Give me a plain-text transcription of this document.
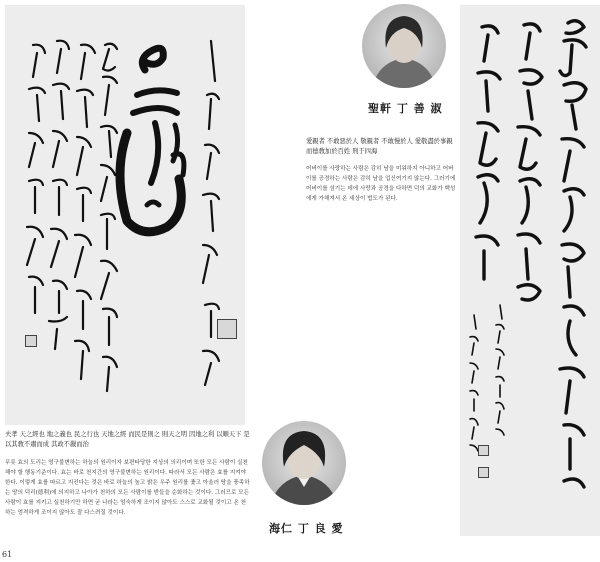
聖軒 丁 善 淑
愛親者 不敢惡於人 敬親者 不敢慢於人 愛敬盡於事親 而德敎加於百姓 刑于四海
어버이를 사랑하는 사람은 감히 남을 미워하지 아니하고 어버이를 공경하는 사람은 감히 남을 업신여기지 않는다. 그러기에 어버이를 섬기는 데에 사랑과 공경을 다하면 덕의 교화가 백성에게 가해져서 온 세상이 법도가 된다.
海仁 丁 良 愛
夫孝 天之經也 地之義也 民之行也 天地之經 而民是則之 則天之明 因地之利 以順天下 是以其敎不肅而成 其政不嚴而治
무릇 효의 도리는 영구불변하는 하늘의 원리이자 보편타당한 지상의 의리이며 또한 모든 사람이 실천해야 할 행동기준이다. 효는 바로 천지간의 영구불변하는 원리이다. 따라서 모든 사람은 효를 지켜야 한다. 이렇게 효를 따르고 지킨다는 것은 바로 하늘의 높고 밝은 우주 원리를 좇고 아울러 땅을 풍족하는 땅의 덕리(德利)에 의지하고 나아가 천하의 모든 사람이를 받들을 순화하는 것이다. 그러므로 모든 사람이 효를 지키고 실천하기만 하면 굳 나라는 엄숙하게 조이지 않아도 스스로 교화될 것이고 온 천하는 엄격하게 조이지 않아도 잘 다스려질 것이다.
61
